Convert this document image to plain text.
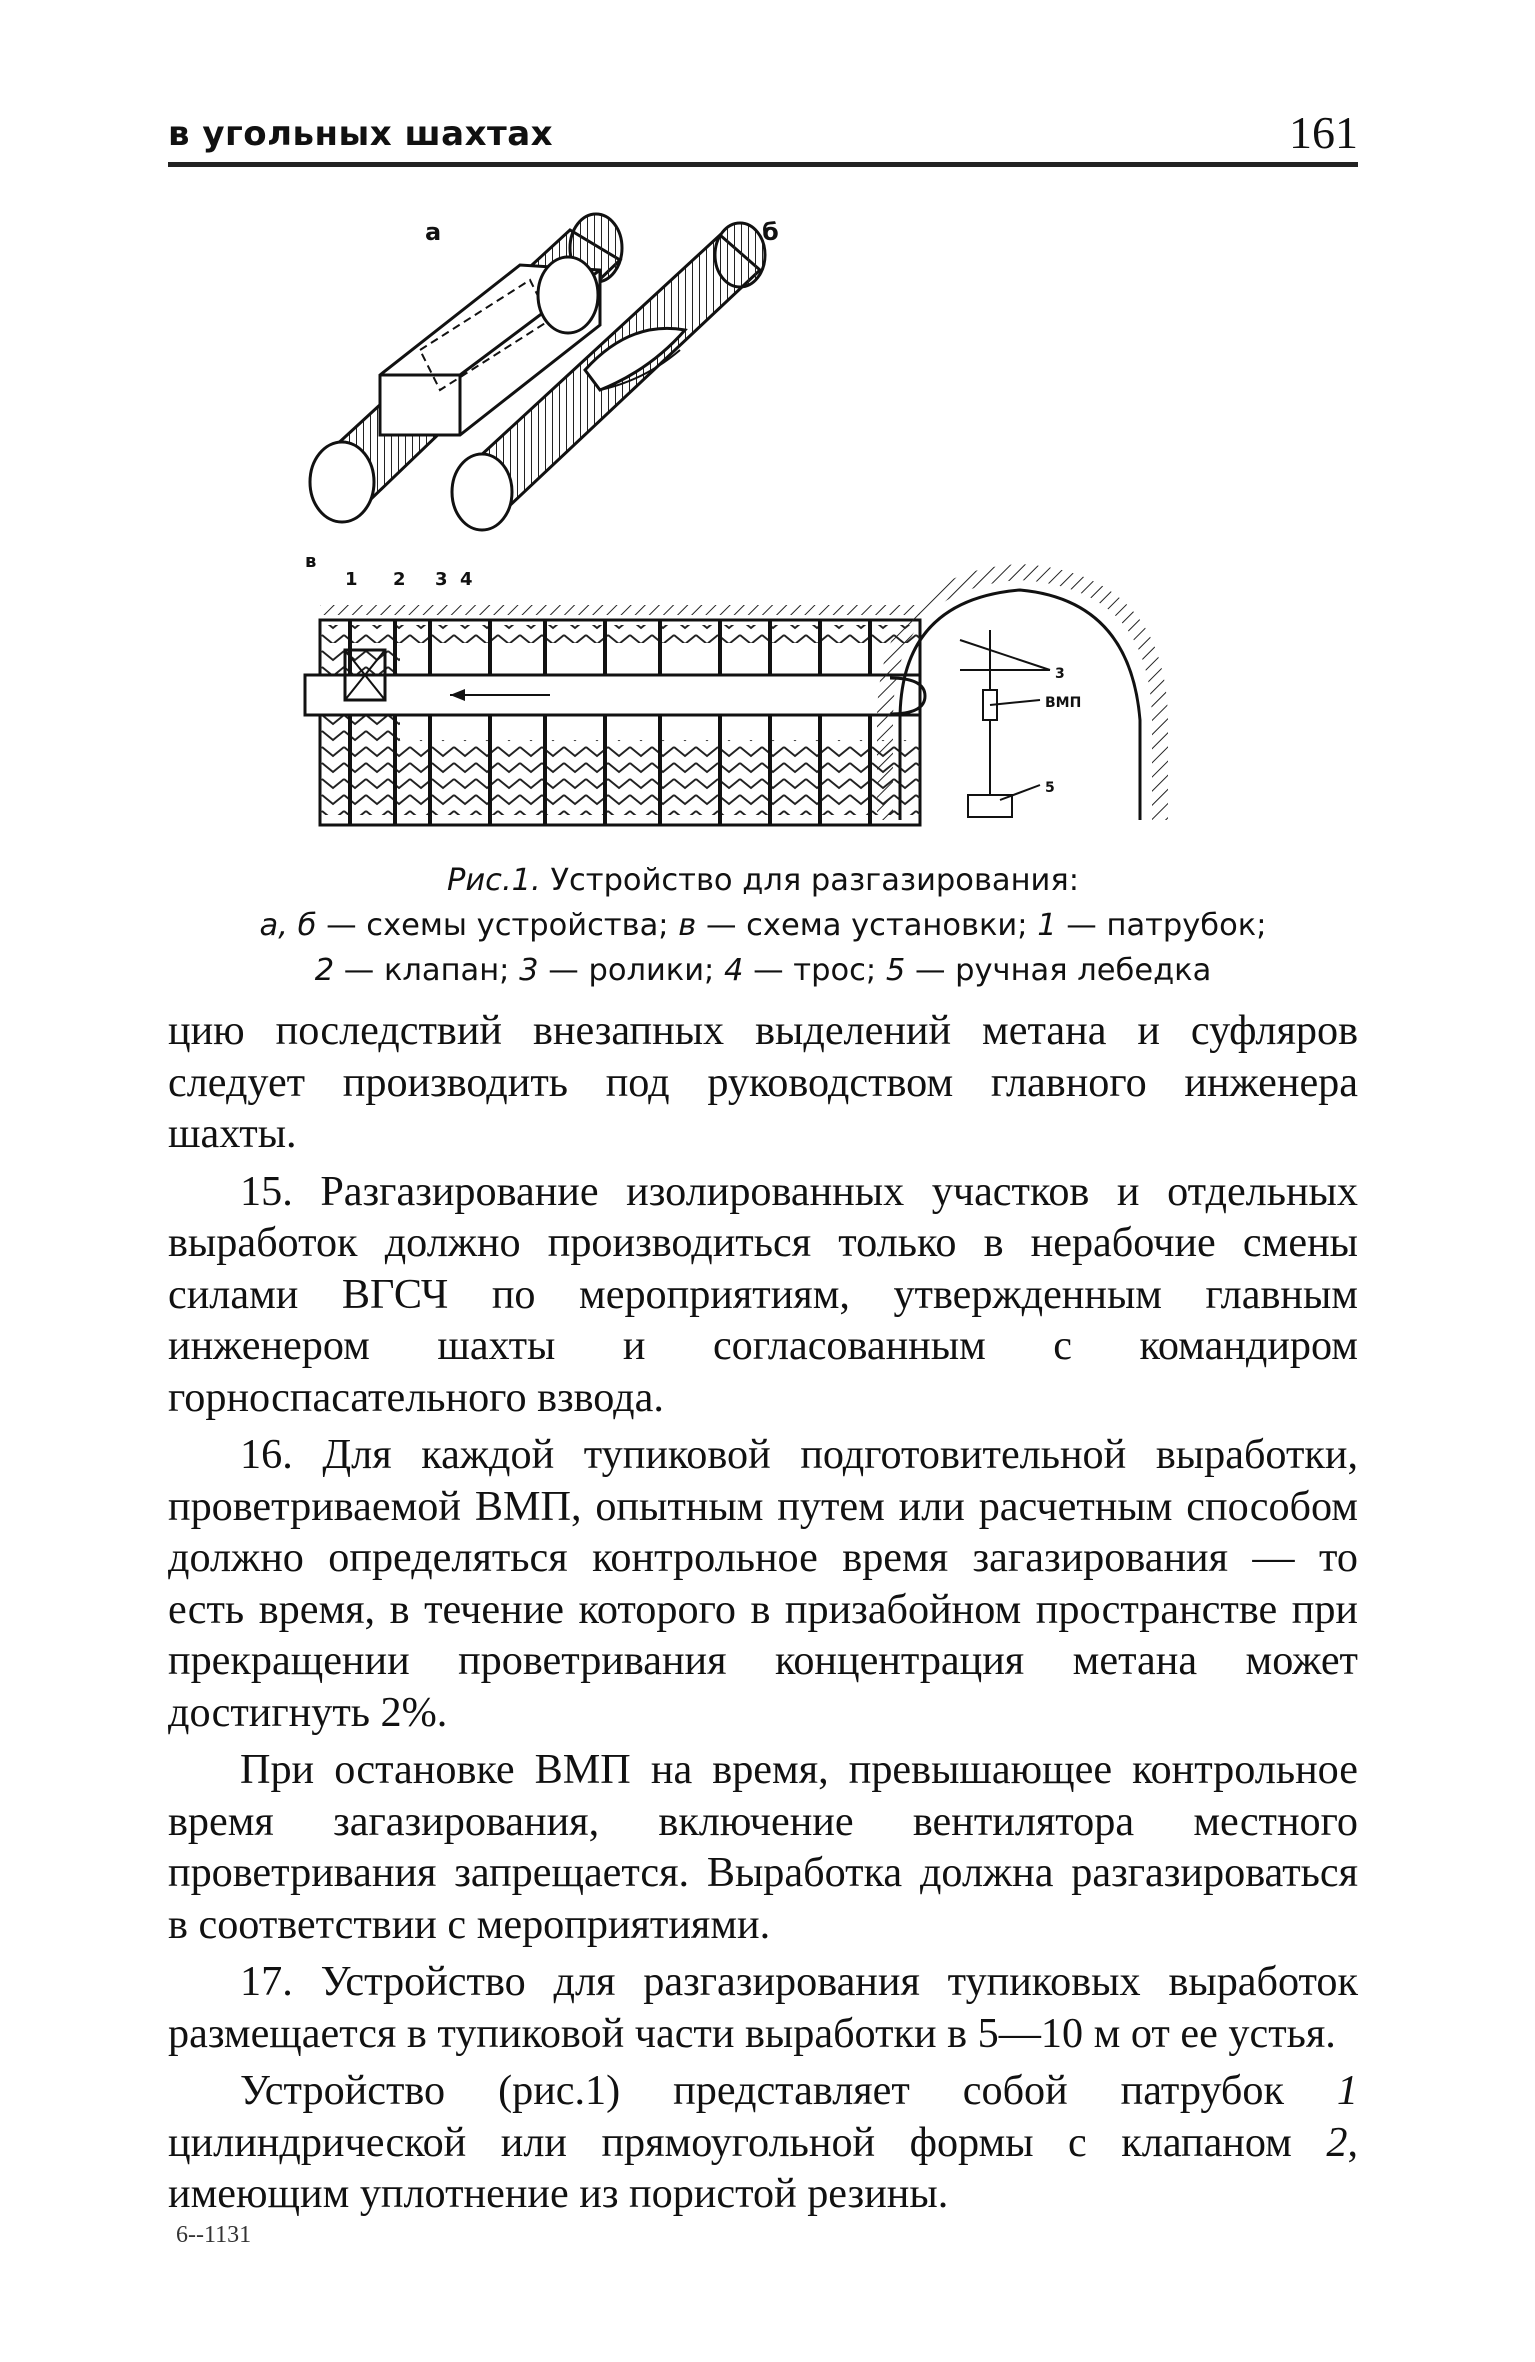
в угольных шахтах	161
а	б
в
1 2 3 4
3
ВМП
5
Рис.1. Устройство для разгазирования:
а, б — схемы устройства; в — схема установки; 1 — патрубок;
2 — клапан; 3 — ролики; 4 — трос; 5 — ручная лебедка

цию последствий внезапных выделений метана и суфляров следует производить под руководством главного инженера шахты.

15. Разгазирование изолированных участков и отдельных выработок должно производиться только в нерабочие смены силами ВГСЧ по мероприятиям, утвержденным главным инженером шахты и согласованным с командиром горноспасательного взвода.

16. Для каждой тупиковой подготовительной выработки, проветриваемой ВМП, опытным путем или расчетным способом должно определяться контрольное время загазирования — то есть время, в течение которого в призабойном пространстве при прекращении проветривания концентрация метана может достигнуть 2%.

При остановке ВМП на время, превышающее контрольное время загазирования, включение вентилятора местного проветривания запрещается. Выработка должна разгазироваться в соответствии с мероприятиями.

17. Устройство для разгазирования тупиковых выработок размещается в тупиковой части выработки в 5—10 м от ее устья.

Устройство (рис.1) представляет собой патрубок 1 цилиндрической или прямоугольной формы с клапаном 2, имеющим уплотнение из пористой резины.

6--1131
